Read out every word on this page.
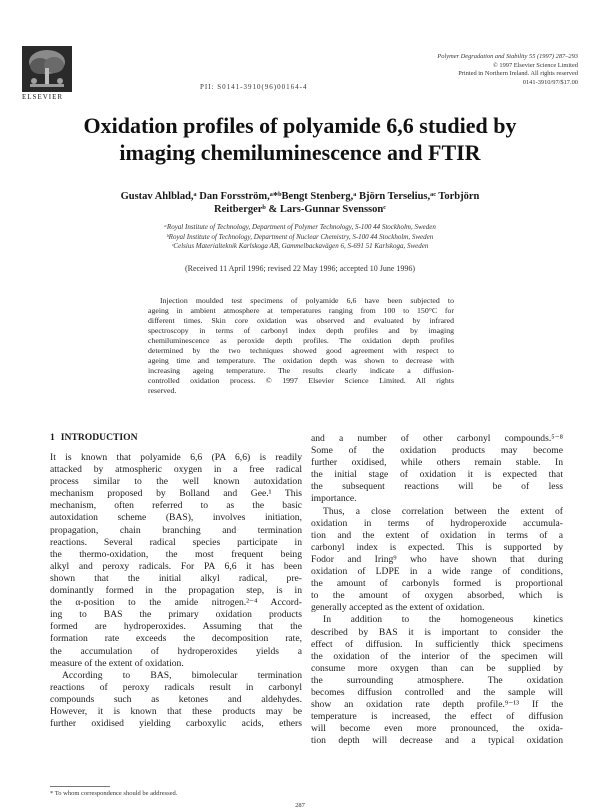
ELSEVIER
Polymer Degradation and Stability 55 (1997) 287–293
© 1997 Elsevier Science Limited
Printed in Northern Ireland. All rights reserved
0141-3910/97/$17.00
PII: S0141-3910(96)00164-4
Oxidation profiles of polyamide 6,6 studied by
imaging chemiluminescence and FTIR
Gustav Ahlblad,ᵃ Dan Forsström,ᵃ*ᵇBengt Stenberg,ᵃ Björn Terselius,ᵃᶜ Torbjörn
Reitbergerᵇ & Lars-Gunnar Svenssonᶜ
ᵃRoyal Institute of Technology, Department of Polymer Technology, S-100 44 Stockholm, Sweden
ᵇRoyal Institute of Technology, Department of Nuclear Chemistry, S-100 44 Stockholm, Sweden
ᶜCelsius Materialteknik Karlskoga AB, Gammelbackavägen 6, S-691 51 Karlskoga, Sweden
(Received 11 April 1996; revised 22 May 1996; accepted 10 June 1996)
Injection moulded test specimens of polyamide 6,6 have been subjected to
ageing in ambient atmosphere at temperatures ranging from 100 to 150°C for
different times. Skin core oxidation was observed and evaluated by infrared
spectroscopy in terms of carbonyl index depth profiles and by imaging
chemiluminescence as peroxide depth profiles. The oxidation depth profiles
determined by the two techniques showed good agreement with respect to
ageing time and temperature. The oxidation depth was shown to decrease with
increasing ageing temperature. The results clearly indicate a diffusion-
controlled oxidation process. © 1997 Elsevier Science Limited. All rights
reserved.
1 INTRODUCTION
It is known that polyamide 6,6 (PA 6,6) is readily
attacked by atmospheric oxygen in a free radical
process similar to the well known autoxidation
mechanism proposed by Bolland and Gee.¹ This
mechanism, often referred to as the basic
autoxidation scheme (BAS), involves initiation,
propagation, chain branching and termination
reactions. Several radical species participate in
the thermo-oxidation, the most frequent being
alkyl and peroxy radicals. For PA 6,6 it has been
shown that the initial alkyl radical, pre-
dominantly formed in the propagation step, is in
the α-position to the amide nitrogen.²⁻⁴ Accord-
ing to BAS the primary oxidation products
formed are hydroperoxides. Assuming that the
formation rate exceeds the decomposition rate,
the accumulation of hydroperoxides yields a
measure of the extent of oxidation.
According to BAS, bimolecular termination
reactions of peroxy radicals result in carbonyl
compounds such as ketones and aldehydes.
However, it is known that these products may be
further oxidised yielding carboxylic acids, ethers
and a number of other carbonyl compounds.⁵⁻⁸
Some of the oxidation products may become
further oxidised, while others remain stable. In
the initial stage of oxidation it is expected that
the subsequent reactions will be of less
importance.
Thus, a close correlation between the extent of
oxidation in terms of hydroperoxide accumula-
tion and the extent of oxidation in terms of a
carbonyl index is expected. This is supported by
Fodor and Iring⁹ who have shown that during
oxidation of LDPE in a wide range of conditions,
the amount of carbonyls formed is proportional
to the amount of oxygen absorbed, which is
generally accepted as the extent of oxidation.
In addition to the homogeneous kinetics
described by BAS it is important to consider the
effect of diffusion. In sufficiently thick specimens
the oxidation of the interior of the specimen will
consume more oxygen than can be supplied by
the surrounding atmosphere. The oxidation
becomes diffusion controlled and the sample will
show an oxidation rate depth profile.⁹⁻¹³ If the
temperature is increased, the effect of diffusion
will become even more pronounced, the oxida-
tion depth will decrease and a typical oxidation
* To whom correspondence should be addressed.
287
